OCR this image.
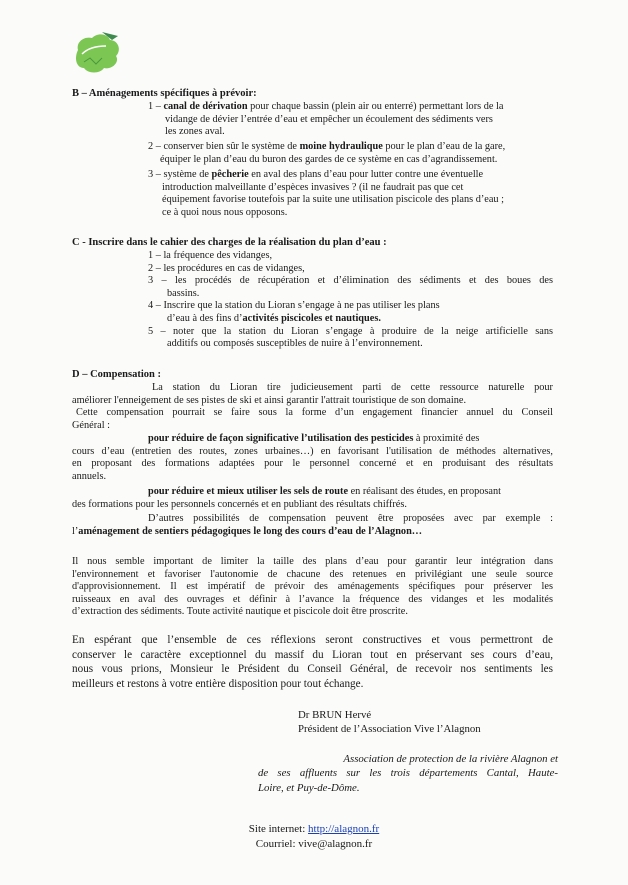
B – Aménagements spécifiques à prévoir:

1 – canal de dérivation pour chaque bassin (plein air ou enterré) permettant lors de la

vidange de dévier l’entrée d’eau et empêcher un écoulement des sédiments vers

les zones aval.

2 – conserver bien sûr le système de moine hydraulique pour le plan d’eau de la gare,

équiper le plan d’eau du buron des gardes de ce système en cas d’agrandissement.

3 – système de pêcherie en aval des plans d’eau pour lutter contre une éventuelle

introduction malveillante d’espèces invasives ? (il ne faudrait pas que cet

équipement favorise toutefois par la suite une utilisation piscicole des plans d’eau ;

ce à quoi nous nous opposons.

C - Inscrire dans le cahier des charges de la réalisation du plan d’eau :

1 – la fréquence des vidanges,

2 – les procédures en cas de vidanges,

3 – les procédés de récupération et d’élimination des sédiments et des boues des

bassins.

4 – Inscrire que la station du Lioran s’engage à ne pas utiliser les plans

d’eau à des fins d’activités piscicoles et nautiques.

5 – noter que la station du Lioran s’engage à produire de la neige artificielle sans

additifs ou composés susceptibles de nuire à l’environnement.

D – Compensation :

La station du Lioran tire judicieusement parti de cette ressource naturelle pour

améliorer l'enneigement de ses pistes de ski et ainsi garantir l'attrait touristique de son domaine.

Cette compensation pourrait se faire sous la forme d’un engagement financier annuel du Conseil

Général :

pour réduire de façon significative l’utilisation des pesticides à proximité des

cours d’eau (entretien des routes, zones urbaines…) en favorisant l'utilisation de méthodes alternatives,

en proposant des formations adaptées pour le personnel concerné et en produisant des résultats

annuels.

pour réduire et mieux utiliser les sels de route en réalisant des études, en proposant

des formations pour les personnels concernés et en publiant des résultats chiffrés.

D’autres possibilités de compensation peuvent être proposées avec par exemple :

l’aménagement de sentiers pédagogiques le long des cours d’eau de l’Alagnon…

Il nous semble important de limiter la taille des plans d’eau pour garantir leur intégration dans

l'environnement et favoriser l'autonomie de chacune des retenues en privilégiant une seule source

d'approvisionnement. Il est impératif de prévoir des aménagements spécifiques pour préserver les

ruisseaux en aval des ouvrages et définir à l’avance la fréquence des vidanges et les modalités

d’extraction des sédiments. Toute activité nautique et piscicole doit être proscrite.

En espérant que l’ensemble de ces réflexions seront constructives et vous permettront de

conserver le caractère exceptionnel du massif du Lioran tout en préservant ses cours d’eau,

nous vous prions, Monsieur le Président du Conseil Général, de recevoir nos sentiments les

meilleurs et restons à votre entière disposition pour tout échange.

Dr BRUN Hervé

Président de l’Association Vive l’Alagnon

Association de protection de la rivière Alagnon et

de ses affluents sur les trois départements Cantal, Haute-

Loire, et Puy-de-Dôme.

Site internet: http://alagnon.fr

Courriel: vive@alagnon.fr
